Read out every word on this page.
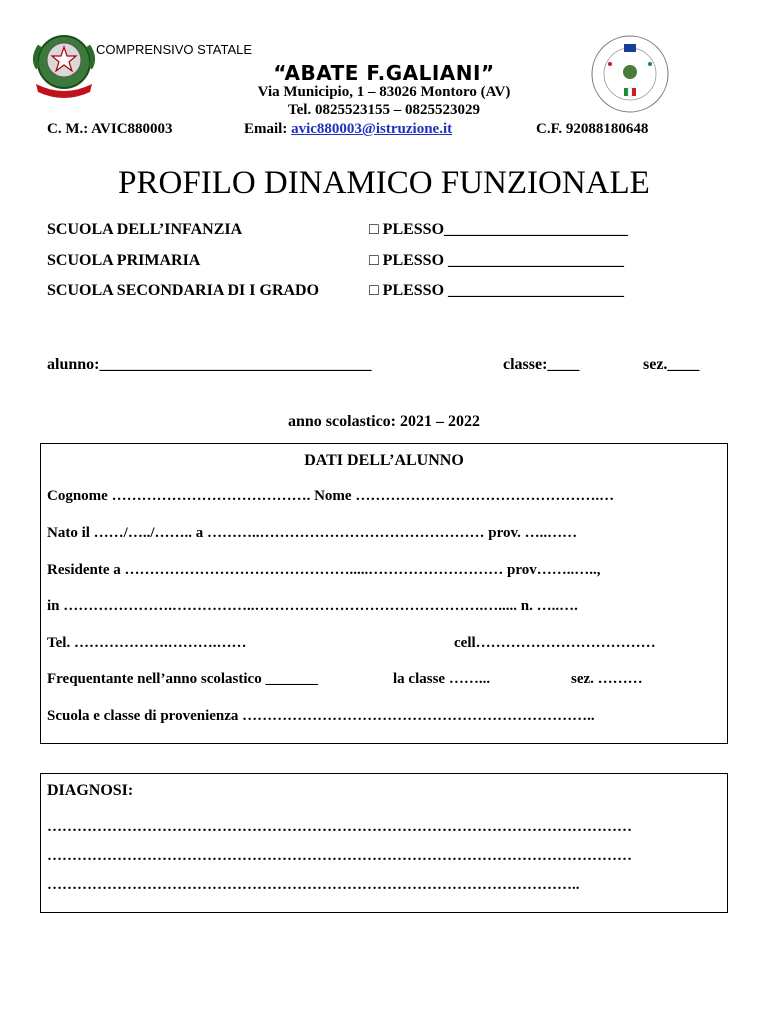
COMPRENSIVO STATALE
“ABATE F.GALIANI”
Via Municipio, 1 – 83026 Montoro (AV)
Tel. 0825523155 – 0825523029
C. M.: AVIC880003	Email: avic880003@istruzione.it	C.F. 92088180648
PROFILO DINAMICO FUNZIONALE
SCUOLA DELL’INFANZIA	□ PLESSO_______________________
SCUOLA PRIMARIA	□ PLESSO ______________________
SCUOLA SECONDARIA DI I GRADO	□ PLESSO ______________________
alunno:__________________________________	classe:____	sez.____
anno scolastico: 2021 – 2022
DATI DELL’ALUNNO
Cognome …………………………………. Nome ………………………………………….…
Nato il ……/…../…….. a ………..……………………………………… prov. …..……
Residente a ……………………………………….....……………………… prov……..…..,
in ………………….……………..……………………………………….…..... n. …..….
Tel. ……………….……….……	cell………………………………
Frequentante nell’anno scolastico _______	la classe ……...	sez. ………
Scuola e classe di provenienza ……………………………………………………………..
DIAGNOSI:
………………………………………………………………………………………………………
………………………………………………………………………………………………………
……………………………………………………………………………………………..
